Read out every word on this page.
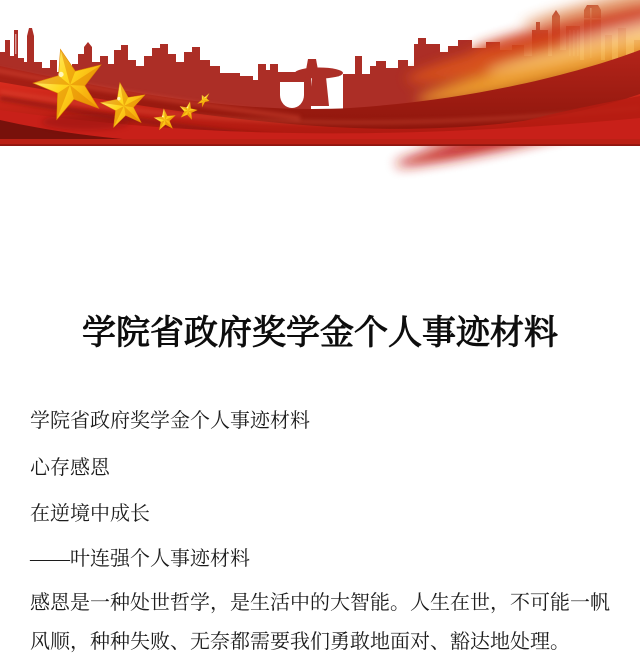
学院省政府奖学金个人事迹材料

学院省政府奖学金个人事迹材料

心存感恩

在逆境中成长

——叶连强个人事迹材料

感恩是一种处世哲学，是生活中的大智能。人生在世，不可能一帆

风顺，种种失败、无奈都需要我们勇敢地面对、豁达地处理。
